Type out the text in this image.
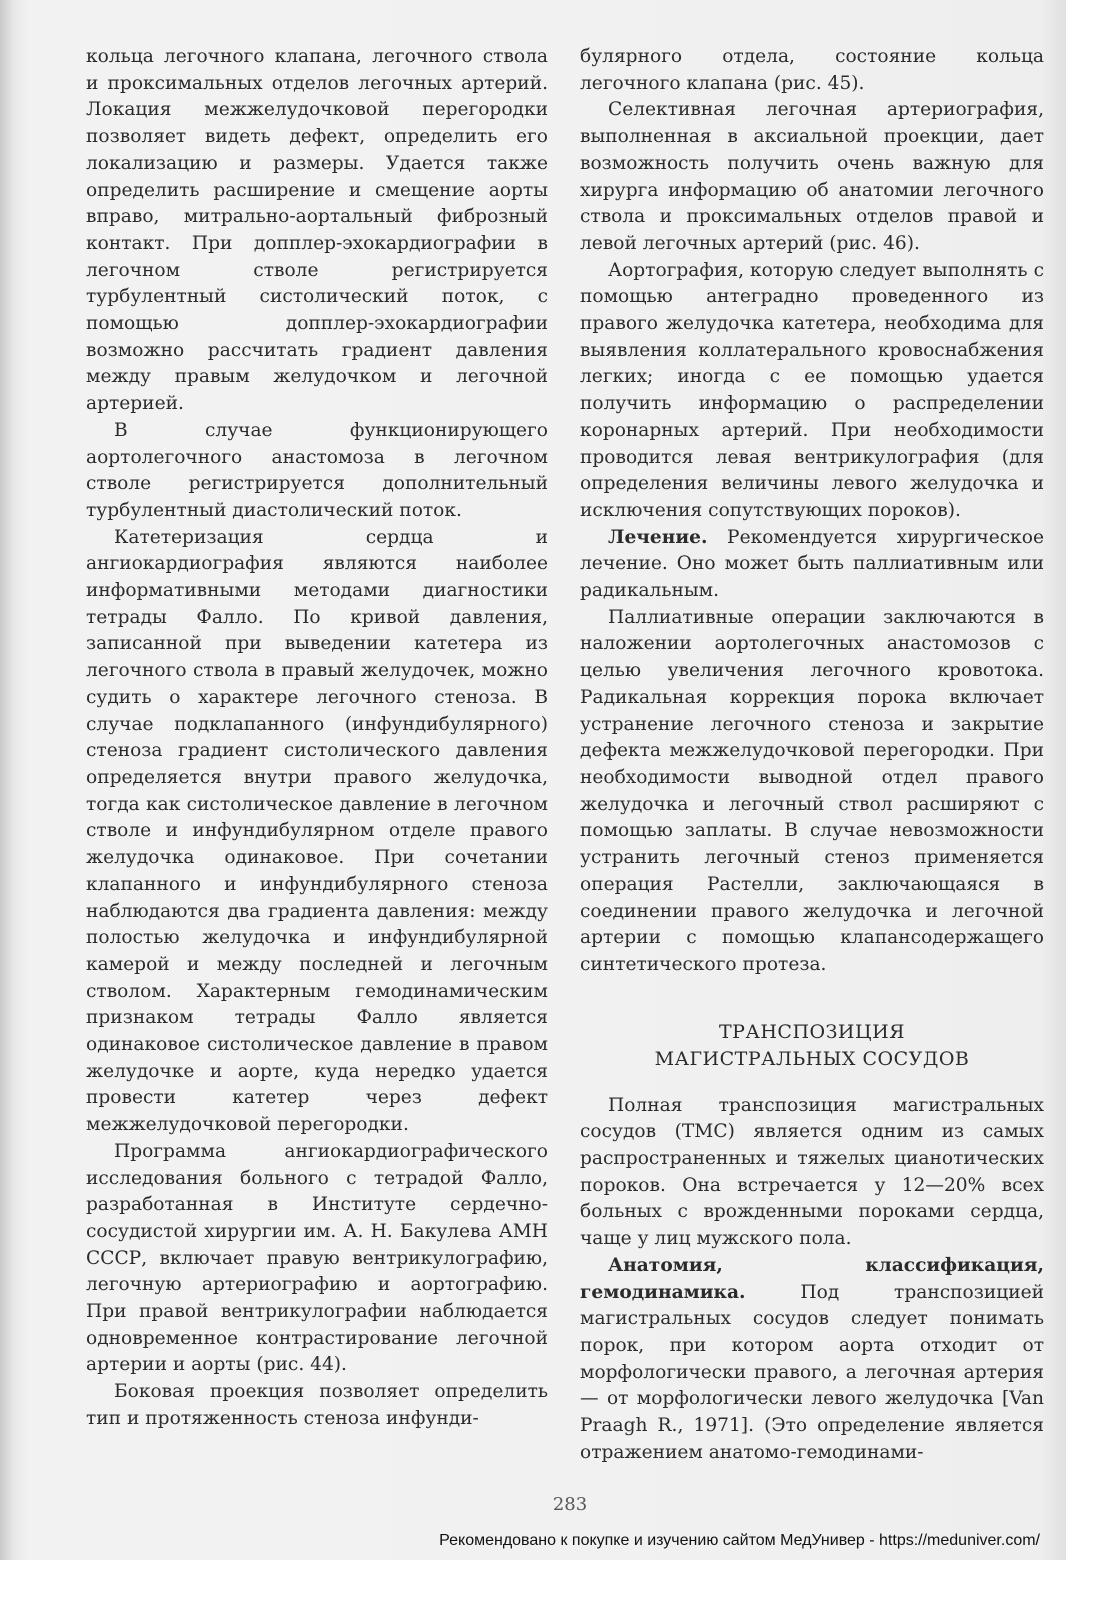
кольца легочного клапана, легочного ствола и проксимальных отделов легочных артерий. Локация межжелудочковой перегородки позволяет видеть дефект, определить его локализацию и размеры. Удается также определить расширение и смещение аорты вправо, митрально-аортальный фиброзный контакт. При допплер-эхокардиографии в легочном стволе регистрируется турбулентный систолический поток, с помощью допплер-эхокардиографии возможно рассчитать градиент давления между правым желудочком и легочной артерией.

В случае функционирующего аортолегочного анастомоза в легочном стволе регистрируется дополнительный турбулентный диастолический поток.

Катетеризация сердца и ангиокардиография являются наиболее информативными методами диагностики тетрады Фалло. По кривой давления, записанной при выведении катетера из легочного ствола в правый желудочек, можно судить о характере легочного стеноза. В случае подклапанного (инфундибулярного) стеноза градиент систолического давления определяется внутри правого желудочка, тогда как систолическое давление в легочном стволе и инфундибулярном отделе правого желудочка одинаковое. При сочетании клапанного и инфундибулярного стеноза наблюдаются два градиента давления: между полостью желудочка и инфундибулярной камерой и между последней и легочным стволом. Характерным гемодинамическим признаком тетрады Фалло является одинаковое систолическое давление в правом желудочке и аорте, куда нередко удается провести катетер через дефект межжелудочковой перегородки.

Программа ангиокардиографического исследования больного с тетрадой Фалло, разработанная в Институте сердечно-сосудистой хирургии им. А. Н. Бакулева АМН СССР, включает правую вентрикулографию, легочную артериографию и аортографию. При правой вентрикулографии наблюдается одновременное контрастирование легочной артерии и аорты (рис. 44).

Боковая проекция позволяет определить тип и протяженность стеноза инфунди-

булярного отдела, состояние кольца легочного клапана (рис. 45).

Селективная легочная артериография, выполненная в аксиальной проекции, дает возможность получить очень важную для хирурга информацию об анатомии легочного ствола и проксимальных отделов правой и левой легочных артерий (рис. 46).

Аортография, которую следует выполнять с помощью антеградно проведенного из правого желудочка катетера, необходима для выявления коллатерального кровоснабжения легких; иногда с ее помощью удается получить информацию о распределении коронарных артерий. При необходимости проводится левая вентрикулография (для определения величины левого желудочка и исключения сопутствующих пороков).

Лечение. Рекомендуется хирургическое лечение. Оно может быть паллиативным или радикальным.

Паллиативные операции заключаются в наложении аортолегочных анастомозов с целью увеличения легочного кровотока. Радикальная коррекция порока включает устранение легочного стеноза и закрытие дефекта межжелудочковой перегородки. При необходимости выводной отдел правого желудочка и легочный ствол расширяют с помощью заплаты. В случае невозможности устранить легочный стеноз применяется операция Растелли, заключающаяся в соединении правого желудочка и легочной артерии с помощью клапансодержащего синтетического протеза.

ТРАНСПОЗИЦИЯ
МАГИСТРАЛЬНЫХ СОСУДОВ

Полная транспозиция магистральных сосудов (ТМС) является одним из самых распространенных и тяжелых цианотических пороков. Она встречается у 12—20% всех больных с врожденными пороками сердца, чаще у лиц мужского пола.

Анатомия, классификация, гемодинамика. Под транспозицией магистральных сосудов следует понимать порок, при котором аорта отходит от морфологически правого, а легочная артерия — от морфологически левого желудочка [Van Praagh R., 1971]. (Это определение является отражением анатомо-гемодинами-

283
Рекомендовано к покупке и изучению сайтом МедУнивер - https://meduniver.com/
